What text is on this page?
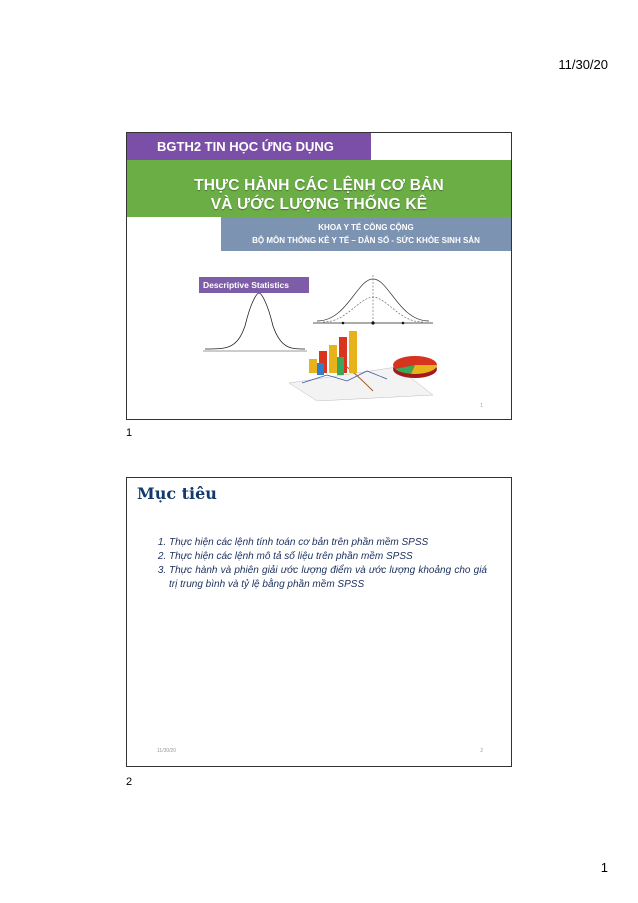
11/30/20
BGTH2 TIN HỌC ỨNG DỤNG
THỰC HÀNH CÁC LỆNH CƠ BẢN
VÀ ƯỚC LƯỢNG THỐNG KÊ
KHOA Y TẾ CÔNG CỘNG
BỘ MÔN THỐNG KÊ Y TẾ – DÂN SỐ - SỨC KHỎE SINH SẢN
Descriptive Statistics
1
1
Mục tiêu
1. Thực hiện các lệnh tính toán cơ bản trên phần mềm SPSS
2. Thực hiện các lệnh mô tả số liệu trên phần mềm SPSS
3. Thực hành và phiên giải ước lượng điểm và ước lượng khoảng cho giá trị trung bình và tỷ lệ bằng phần mềm SPSS
11/30/20	2
2
1
